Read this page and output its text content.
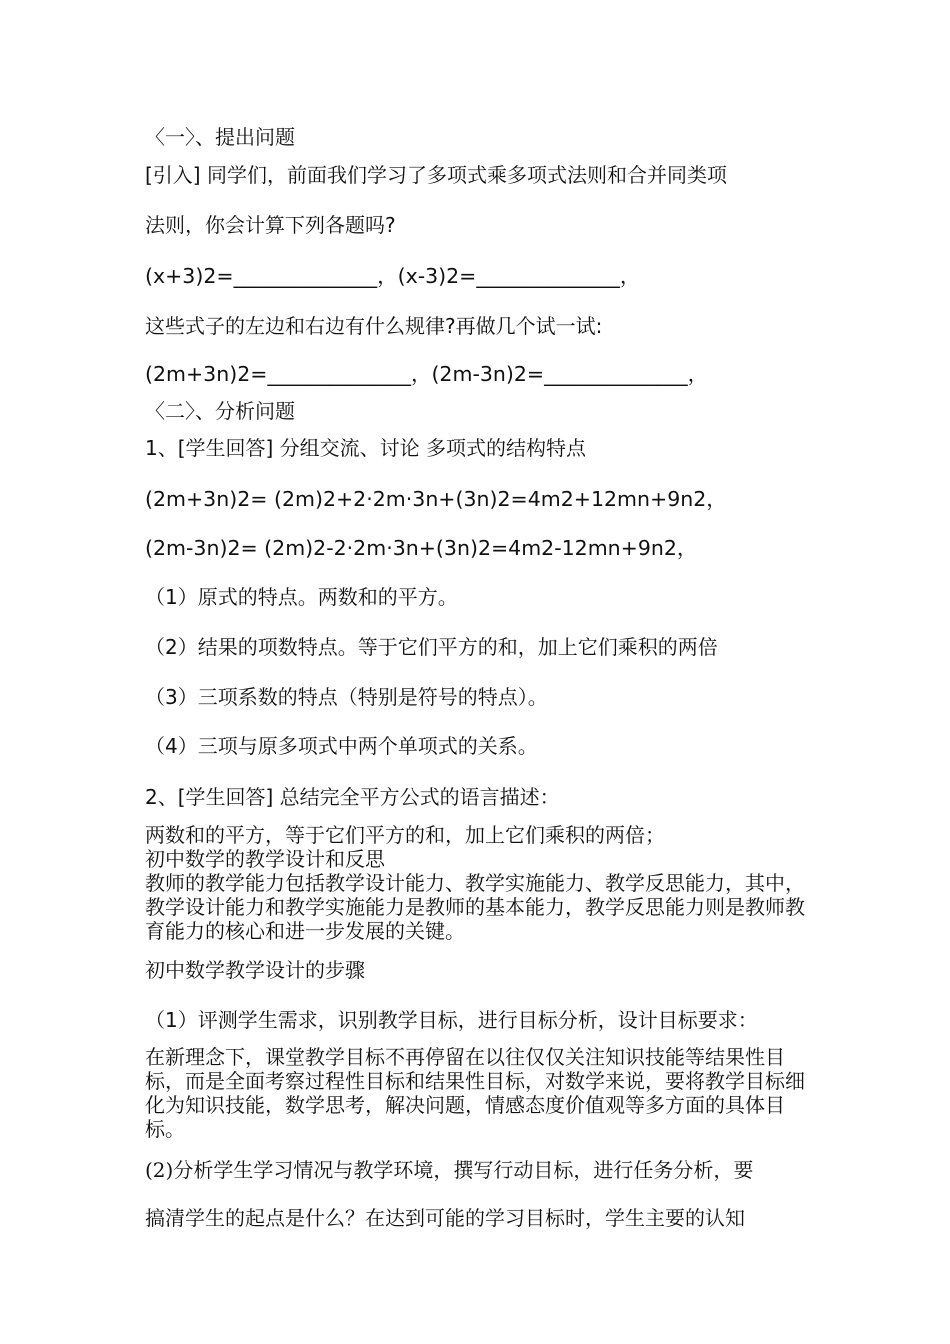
〈一〉、提出问题
[引入] 同学们，前面我们学习了多项式乘多项式法则和合并同类项
法则，你会计算下列各题吗?
(x+3)2=______________，(x-3)2=______________，
这些式子的左边和右边有什么规律?再做几个试一试:
(2m+3n)2=______________，(2m-3n)2=______________，
〈二〉、分析问题
1、[学生回答] 分组交流、讨论 多项式的结构特点
(2m+3n)2= (2m)2+2·2m·3n+(3n)2=4m2+12mn+9n2，
(2m-3n)2= (2m)2-2·2m·3n+(3n)2=4m2-12mn+9n2，
（1）原式的特点。两数和的平方。
（2）结果的项数特点。等于它们平方的和，加上它们乘积的两倍
（3）三项系数的特点（特别是符号的特点）。
（4）三项与原多项式中两个单项式的关系。
2、[学生回答] 总结完全平方公式的语言描述：
两数和的平方，等于它们平方的和，加上它们乘积的两倍；
初中数学的教学设计和反思
教师的教学能力包括教学设计能力、教学实施能力、教学反思能力，其中，教学设计能力和教学实施能力是教师的基本能力，教学反思能力则是教师教育能力的核心和进一步发展的关键。
初中数学教学设计的步骤
（1）评测学生需求，识别教学目标，进行目标分析，设计目标要求：
在新理念下，课堂教学目标不再停留在以往仅仅关注知识技能等结果性目标，而是全面考察过程性目标和结果性目标，对数学来说，要将教学目标细化为知识技能，数学思考，解决问题，情感态度价值观等多方面的具体目标。
(2)分析学生学习情况与教学环境，撰写行动目标，进行任务分析，要
搞清学生的起点是什么？在达到可能的学习目标时，学生主要的认知
